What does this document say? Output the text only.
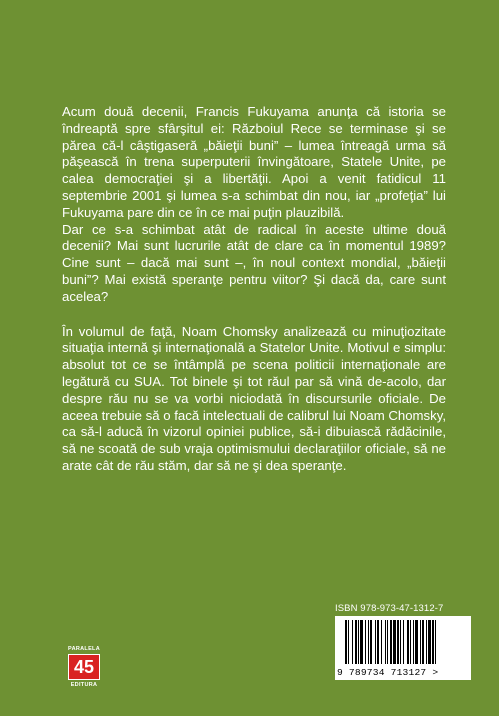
Acum două decenii, Francis Fukuyama anunţa că istoria se îndreaptă spre sfârşitul ei: Războiul Rece se terminase şi se părea că-l câştigaseră „băieţii buni” – lumea întreagă urma să păşească în trena superputerii învingătoare, Statele Unite, pe calea democraţiei şi a libertăţii. Apoi a venit fatidicul 11 septembrie 2001 şi lumea s-a schimbat din nou, iar „profeţia” lui Fukuyama pare din ce în ce mai puţin plauzibilă.

Dar ce s-a schimbat atât de radical în aceste ultime două decenii? Mai sunt lucrurile atât de clare ca în momentul 1989? Cine sunt – dacă mai sunt –, în noul context mondial, „băieţii buni”? Mai există speranţe pentru viitor? Şi dacă da, care sunt acelea?

În volumul de faţă, Noam Chomsky analizează cu minuţiozitate situaţia internă şi internaţională a Statelor Unite. Motivul e simplu: absolut tot ce se întâmplă pe scena politicii internaţionale are legătură cu SUA. Tot binele şi tot răul par să vină de-acolo, dar despre rău nu se va vorbi niciodată în discursurile oficiale. De aceea trebuie să o facă intelectuali de calibrul lui Noam Chomsky, ca să-l aducă în vizorul opiniei publice, să-i dibuiască rădăcinile, să ne scoată de sub vraja optimismului declaraţiilor oficiale, să ne arate cât de rău stăm, dar să ne şi dea speranţe.

ISBN 978-973-47-1312-7
9 789734 713127 >
PARALELA
45
EDITURA
